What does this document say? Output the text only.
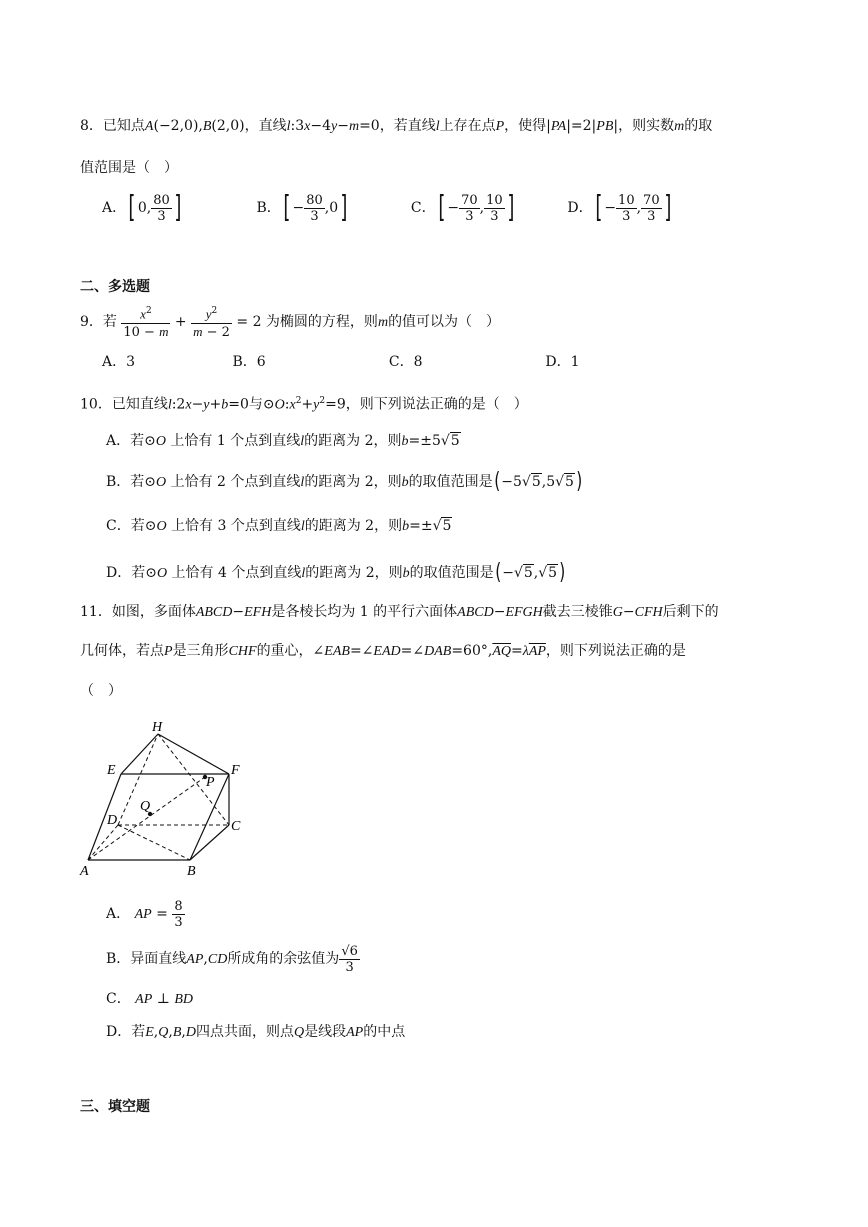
8．已知点A(−2,0),B(2,0)，直线l:3x−4y−m=0，若直线l上存在点P，使得|PA|=2|PB|，则实数m的取
值范围是（　）
A．[ 0, $\frac{80}{3}$ ]	B．[ − $\frac{80}{3} ,0$]	C．[ − $\frac{70}{3}$ , $\frac{10}{3}$ ]	D．[ − $\frac{10}{3}$ , $\frac{70}{3}$ ]
二、多选题
9．若 $\frac{x^2}{10 - m} + \frac{y^2}{m - 2} = 2$ 为椭圆的方程，则m的值可以为（　）
A．3	B．6	C．8	D．1
10．已知直线l:2x−y+b=0与$⊙O:x^2+y^2=9$，则下列说法正确的是（　）
A．若⊙O 上恰有 1 个点到直线l的距离为 2，则b=±5√5
B．若⊙O 上恰有 2 个点到直线l的距离为 2，则b的取值范围是(−5√5,5√5 )
C．若⊙O 上恰有 3 个点到直线l的距离为 2，则b=±√5
D．若⊙O 上恰有 4 个点到直线l的距离为 2，则b的取值范围是(−√5,√5 )
11．如图，多面体ABCD−EFH是各棱长均为 1 的平行六面体ABCD−EFGH截去三棱锥G−CFH后剩下的
几何体，若点P是三角形CHF的重心，$\angle EAB=\angle EAD=\angle DAB=60^\circ,\overline{AQ}=\lambda\overline{AP}$，则下列说法正确的是
（　）
H
E	F
P
Q
D	C
A	B
A． AP = $\frac{8}{3}$
B．异面直线AP,CD所成角的余弦值为 $\frac{√6}{3}$
C． AP ⊥ BD
D．若E,Q,B,D四点共面，则点Q是线段AP的中点
三、填空题
